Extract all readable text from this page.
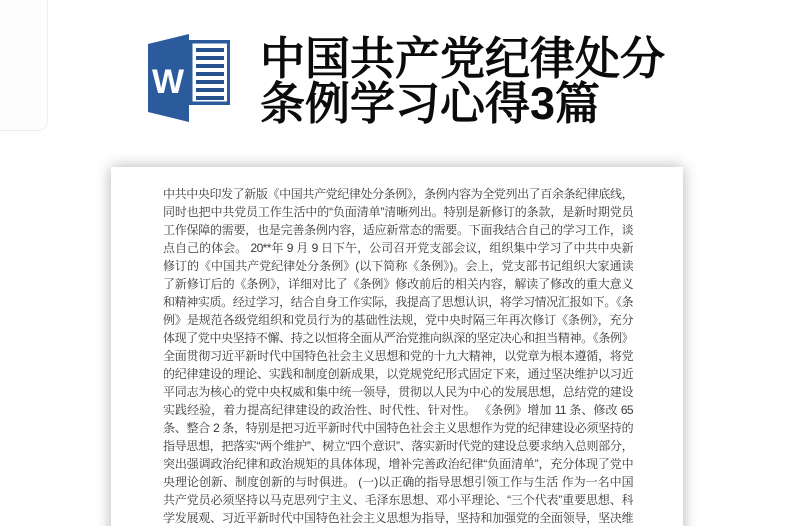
W 中国共产党纪律处分条例学习心得3篇
中共中央印发了新版《中国共产党纪律处分条例》，条例内容为全党列出了百余条纪律底线，
同时也把中共党员工作生活中的“负面清单”清晰列出。特别是新修订的条款，是新时期党员
工作保障的需要，也是完善条例内容，适应新常态的需要。下面我结合自己的学习工作，谈
点自己的体会。 20**年 9 月 9 日下午，公司召开党支部会议，组织集中学习了中共中央新
修订的《中国共产党纪律处分条例》(以下简称《条例》)。会上，党支部书记组织大家通读
了新修订后的《条例》，详细对比了《条例》修改前后的相关内容，解读了修改的重大意义
和精神实质。经过学习，结合自身工作实际，我提高了思想认识，将学习情况汇报如下。《条
例》是规范各级党组织和党员行为的基础性法规，党中央时隔三年再次修订《条例》，充分
体现了党中央坚持不懈、持之以恒将全面从严治党推向纵深的坚定决心和担当精神。《条例》
全面贯彻习近平新时代中国特色社会主义思想和党的十九大精神，以党章为根本遵循，将党
的纪律建设的理论、实践和制度创新成果，以党规党纪形式固定下来，通过坚决维护以习近
平同志为核心的党中央权威和集中统一领导，贯彻以人民为中心的发展思想，总结党的建设
实践经验，着力提高纪律建设的政治性、时代性、针对性。 《条例》增加 11 条、修改 65
条、整合 2 条，特别是把习近平新时代中国特色社会主义思想作为党的纪律建设必须坚持的
指导思想，把落实“两个维护”、树立“四个意识”、落实新时代党的建设总要求纳入总则部分，
突出强调政治纪律和政治规矩的具体体现，增补完善政治纪律“负面清单”，充分体现了党中
央理论创新、制度创新的与时俱进。 (一)以正确的指导思想引领工作与生活 作为一名中国
共产党员必须坚持以马克思列宁主义、毛泽东思想、邓小平理论、“三个代表”重要思想、科
学发展观、习近平新时代中国特色社会主义思想为指导，坚持和加强党的全面领导，坚决维
